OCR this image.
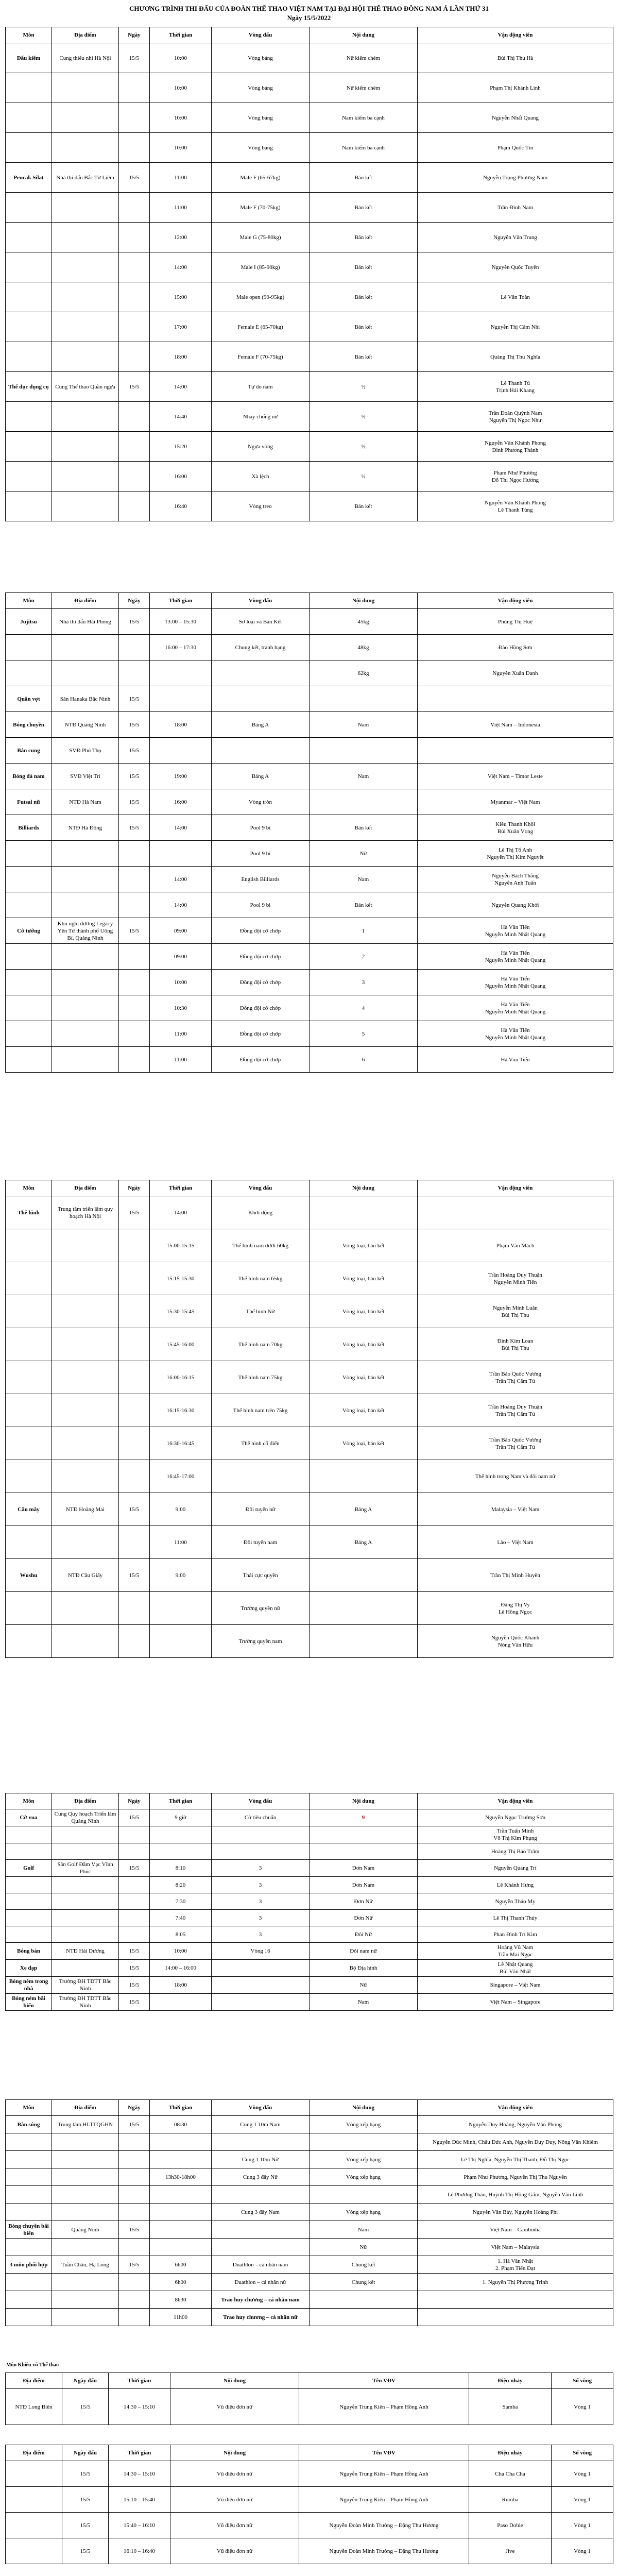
CHƯƠNG TRÌNH THI ĐẤU CỦA ĐOÀN THỂ THAO VIỆT NAM TẠI ĐẠI HỘI THỂ THAO ĐÔNG NAM Á LẦN THỨ 31
Ngày 15/5/2022
Môn	Địa điểm	Ngày	Thời gian	Vòng đấu	Nội dung	Vận động viên
Đấu kiếm	Cung thiếu nhi Hà Nội	15/5	10:00	Vòng bảng	Nữ kiếm chém	Bùi Thị Thu Hà
			10:00	Vòng bảng	Nữ kiếm chém	Phạm Thị Khánh Linh
			10:00	Vòng bảng	Nam kiếm ba cạnh	Nguyễn Nhất Quang
			10:00	Vòng bảng	Nam kiếm ba cạnh	Phạm Quốc Tín
Pencak Silat	Nhà thi đấu Bắc Từ Liêm	15/5	11:00	Male F (65-67kg)	Bán kết	Nguyễn Trọng Phương Nam
			11:00	Male F (70-75kg)	Bán kết	Trần Đình Nam
			12:00	Male G (75-80kg)	Bán kết	Nguyễn Văn Trung
			14:00	Male I (85-90kg)	Bán kết	Nguyễn Quốc Tuyên
			15:00	Male open (90-95kg)	Bán kết	Lê Văn Toàn
			17:00	Female E (65-70kg)	Bán kết	Nguyễn Thị Cẩm Nhi
			18:00	Female F (70-75kg)	Bán kết	Quàng Thị Thu Nghĩa
Thể dục dụng cụ	Cung Thể thao Quần ngựa	15/5	14:00	Tự do nam	½	Lê Thanh Tú
Trịnh Hải Khang
			14:40	Nhảy chống nữ	½	Trần Đoàn Quỳnh Nam
Nguyễn Thị Ngọc Như
			15:20	Ngựa vòng	½	Nguyễn Văn Khánh Phong
Đinh Phương Thành
			16:00	Xà lệch	½	Phạm Như Phương
Đỗ Thị Ngọc Hương
			16:40	Vòng treo	Bán kết	Nguyễn Văn Khánh Phong
Lê Thanh Tùng
Môn	Địa điểm	Ngày	Thời gian	Vòng đấu	Nội dung	Vận động viên
Jujitsu	Nhà thi đấu Hải Phòng	15/5	13:00 – 15:30	Sơ loại và Bán Kết	45kg	Phùng Thị Huệ
			16:00 – 17:30	Chung kết, tranh hạng	48kg	Đào Hồng Sơn
					62kg	Nguyễn Xuân Danh
Quần vợt	Sân Hanaka Bắc Ninh	15/5				
Bóng chuyền	NTĐ Quảng Ninh	15/5	18:00	Bảng A	Nam	Việt Nam – Indonesia
Bắn cung	SVĐ Phú Thọ	15/5				
Bóng đá nam	SVĐ Việt Trì	15/5	19:00	Bảng A	Nam	Việt Nam – Timor Leste
Futsal nữ	NTĐ Hà Nam	15/5	16:00	Vòng tròn		Myanmar – Việt Nam
Billiards	NTĐ Hà Đông	15/5	14:00	Pool 9 bi	Bán kết	Kiều Thanh Khôi
Bùi Xuân Vọng
				Pool 9 bi	Nữ	Lê Thị Tố Anh
Nguyễn Thị Kim Nguyệt
			14:00	English Billiards	Nam	Nguyễn Bách Thắng
Nguyễn Anh Tuấn
			14:00	Pool 9 bi	Bán kết	Nguyễn Quang Khởi
Cờ tướng	Khu nghỉ dưỡng Legacy Yên Tử thành phố Uông Bí, Quảng Ninh	15/5	09:00	Đồng đội cờ chớp	1	Hà Văn Tiến
Nguyễn Minh Nhật Quang
			09:00	Đồng đội cờ chớp	2	Hà Văn Tiến
Nguyễn Minh Nhật Quang
			10:00	Đồng đội cờ chớp	3	Hà Văn Tiến
Nguyễn Minh Nhật Quang
			10:30	Đồng đội cờ chớp	4	Hà Văn Tiến
Nguyễn Minh Nhật Quang
			11:00	Đồng đội cờ chớp	5	Hà Văn Tiến
Nguyễn Minh Nhật Quang
			11:00	Đồng đội cờ chớp	6	Hà Văn Tiến
Môn	Địa điểm	Ngày	Thời gian	Vòng đấu	Nội dung	Vận động viên
Thể hình	Trung tâm triển lãm quy hoạch Hà Nội	15/5	14:00	Khởi động		
			15:00-15:15	Thể hình nam dưới 60kg	Vòng loại, bán kết	Phạm Văn Mách
			15:15-15:30	Thể hình nam 65kg	Vòng loại, bán kết	Trần Hoàng Duy Thuận
Nguyễn Minh Tiến
			15:30-15:45	Thể hình Nữ	Vòng loại, bán kết	Nguyễn Minh Luân
Bùi Thị Thu
			15:45-16:00	Thể hình nam 70kg	Vòng loại, bán kết	Đinh Kim Loan
Bùi Thị Thu
			16:00-16:15	Thể hình nam 75kg	Vòng loại, bán kết	Trần Bảo Quốc Vương
Trần Thị Cẩm Tú
			16:15-16:30	Thể hình nam trên 75kg	Vòng loại, bán kết	Trần Hoàng Duy Thuận
Trần Thị Cẩm Tú
			16:30-16:45	Thể hình cổ điển	Vòng loại, bán kết	Trần Bảo Quốc Vương
Trần Thị Cẩm Tú
			16:45-17:00			Thể hình trong Nam và đôi nam nữ
Cầu mây	NTĐ Hoàng Mai	15/5	9:00	Đôi tuyển nữ	Bảng A	Malaysia – Việt Nam
			11:00	Đôi tuyển nam	Bảng A	Lào – Việt Nam
Wushu	NTĐ Cầu Giấy	15/5	9:00	Thái cực quyền		Trần Thị Minh Huyền
				Trường quyền nữ		Đặng Thị Vy
Lê Hồng Ngọc
				Trường quyền nam		Nguyễn Quốc Khánh
Nông Văn Hữu
Môn	Địa điểm	Ngày	Thời gian	Vòng đấu	Nội dung	Vận động viên
Cờ vua	Cung Quy hoạch Triển lãm Quảng Ninh	15/5	9 giờ	Cờ tiêu chuẩn	9	Nguyễn Ngọc Trường Sơn
						Trần Tuấn Minh
Võ Thị Kim Phụng
						Hoàng Thị Bảo Trâm
Golf	Sân Golf Đầm Vạc Vĩnh Phúc	15/5	8:10	3	Đơn Nam	Nguyễn Quang Trí
			8:20	3	Đơn Nam	Lê Khánh Hưng
			7:30	3	Đơn Nữ	Nguyễn Thảo My
			7:40	3	Đơn Nữ	Lê Thị Thanh Thủy
			8:05	3	Đôi Nữ	Phan Đình Trí Kim
Bóng bàn	NTĐ Hải Dương	15/5	10:00	Vòng 16	Đôi nam nữ	Hoàng Vũ Nam
Trần Mai Ngọc
Xe đạp		15/5	14:00 – 16:00		Bộ Địa hình	Lê Nhật Quang
Bùi Văn Nhất
Bóng ném trong nhà	Trường ĐH TDTT Bắc Ninh	15/5	18:00		Nữ	Singapore – Việt Nam
Bóng ném bãi biển	Trường ĐH TDTT Bắc Ninh	15/5			Nam	Việt Nam – Singapore
Môn	Địa điểm	Ngày	Thời gian	Vòng đấu	Nội dung	Vận động viên
Bắn súng	Trung tâm HLTTQGHN	15/5	08:30	Cung 1 10m Nam	Vòng xếp hạng	Nguyễn Duy Hoàng, Nguyễn Văn Phong
						Nguyễn Đức Minh, Châu Đức Anh, Nguyễn Duy Duy, Nông Văn Khiêm
				Cung 1 10m Nữ	Vòng xếp hạng	Lê Thị Nghĩa, Nguyễn Thị Thanh, Đỗ Thị Ngọc
			13h30-18h00	Cung 3 đây Nữ	Vòng xếp hạng	Phạm Như Phương, Nguyễn Thị Thu Nguyên
						Lê Phương Thảo, Huỳnh Thị Hồng Gấm, Nguyễn Văn Linh
				Cung 3 đây Nam	Vòng xếp hạng	Nguyễn Văn Bảy, Nguyễn Hoàng Phi
Bóng chuyền bãi biển	Quảng Ninh	15/5			Nam	Việt Nam – Cambodia
					Nữ	Việt Nam – Malaysia
3 môn phối hợp	Tuần Châu, Hạ Long	15/5	6h00	Duathlon – cá nhân nam	Chung kết	1. Hà Văn Nhật
2. Phạm Tiến Đạt
			6h00	Duathlon – cá nhân nữ	Chung kết	1. Nguyễn Thị Phương Trinh
			8h30	Trao huy chương – cá nhân nam		
			11h00	Trao huy chương – cá nhân nữ		
Môn Khiêu vũ Thể thao
Địa điểm	Ngày đấu	Thời gian	Nội dung	Tên VĐV	Điệu nhảy	Số vòng
NTĐ Long Biên	15/5	14:30 – 15:10	Vũ điệu đơn nữ	Nguyễn Trung Kiên – Phạm Hồng Anh	Samba	Vòng 1
Địa điểm	Ngày đấu	Thời gian	Nội dung	Tên VĐV	Điệu nhảy	Số vòng
	15/5	14:30 – 15:10	Vũ điệu đơn nữ	Nguyễn Trung Kiên – Phạm Hồng Anh	Cha Cha Cha	Vòng 1
	15/5	15:10 – 15:40	Vũ điệu đơn nữ	Nguyễn Trung Kiên – Phạm Hồng Anh	Rumba	Vòng 1
	15/5	15:40 – 16:10	Vũ điệu đơn nữ	Nguyễn Đoàn Minh Trường – Đặng Thu Hương	Paso Doble	Vòng 1
	15/5	16:10 – 16:40	Vũ điệu đơn nữ	Nguyễn Đoàn Minh Trường – Đặng Thu Hương	Jive	Vòng 1
